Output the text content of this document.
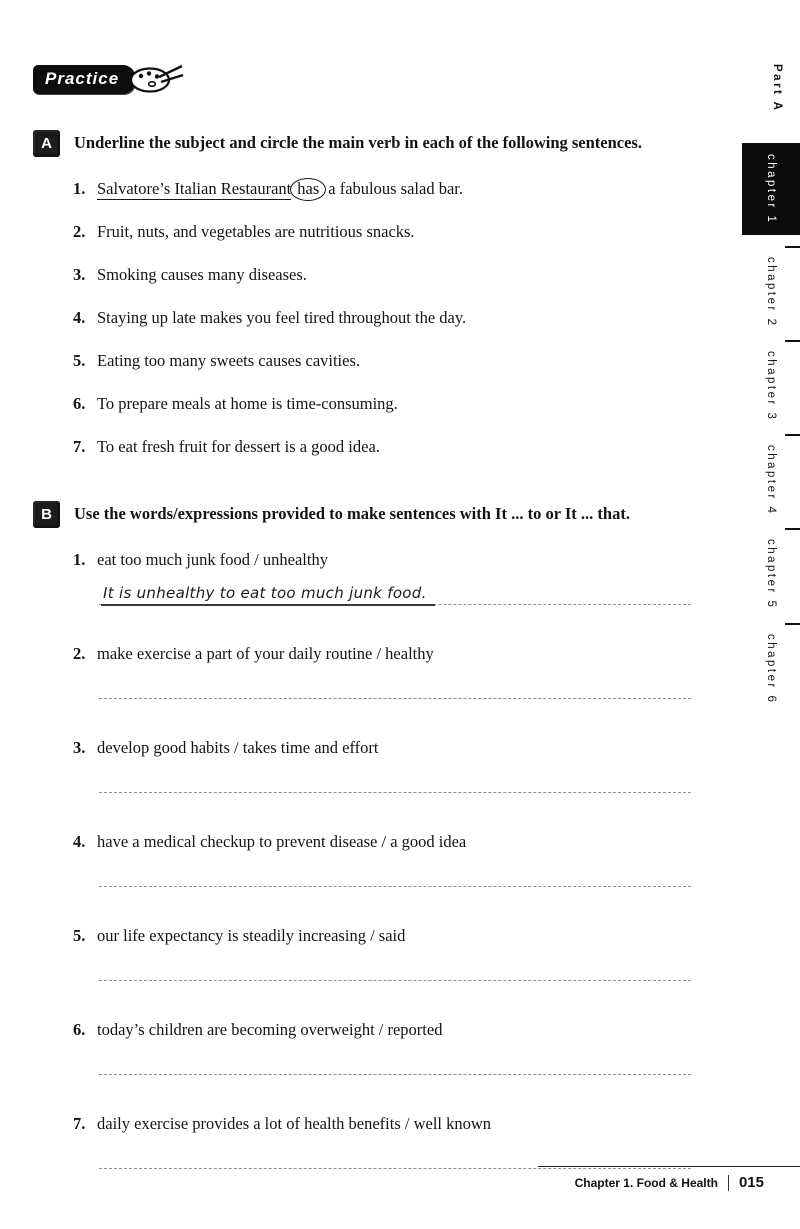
Practice	Part A
chapter 1
chapter 2
chapter 3
chapter 4
chapter 5
chapter 6
A	Underline the subject and circle the main verb in each of the following sentences.
1. Salvatore’s Italian Restaurant has a fabulous salad bar.
2. Fruit, nuts, and vegetables are nutritious snacks.
3. Smoking causes many diseases.
4. Staying up late makes you feel tired throughout the day.
5. Eating too many sweets causes cavities.
6. To prepare meals at home is time-consuming.
7. To eat fresh fruit for dessert is a good idea.
B	Use the words/expressions provided to make sentences with It ... to or It ... that.
1. eat too much junk food / unhealthy
It is unhealthy to eat too much junk food.
2. make exercise a part of your daily routine / healthy
3. develop good habits / takes time and effort
4. have a medical checkup to prevent disease / a good idea
5. our life expectancy is steadily increasing / said
6. today’s children are becoming overweight / reported
7. daily exercise provides a lot of health benefits / well known
Chapter 1. Food & Health 015
